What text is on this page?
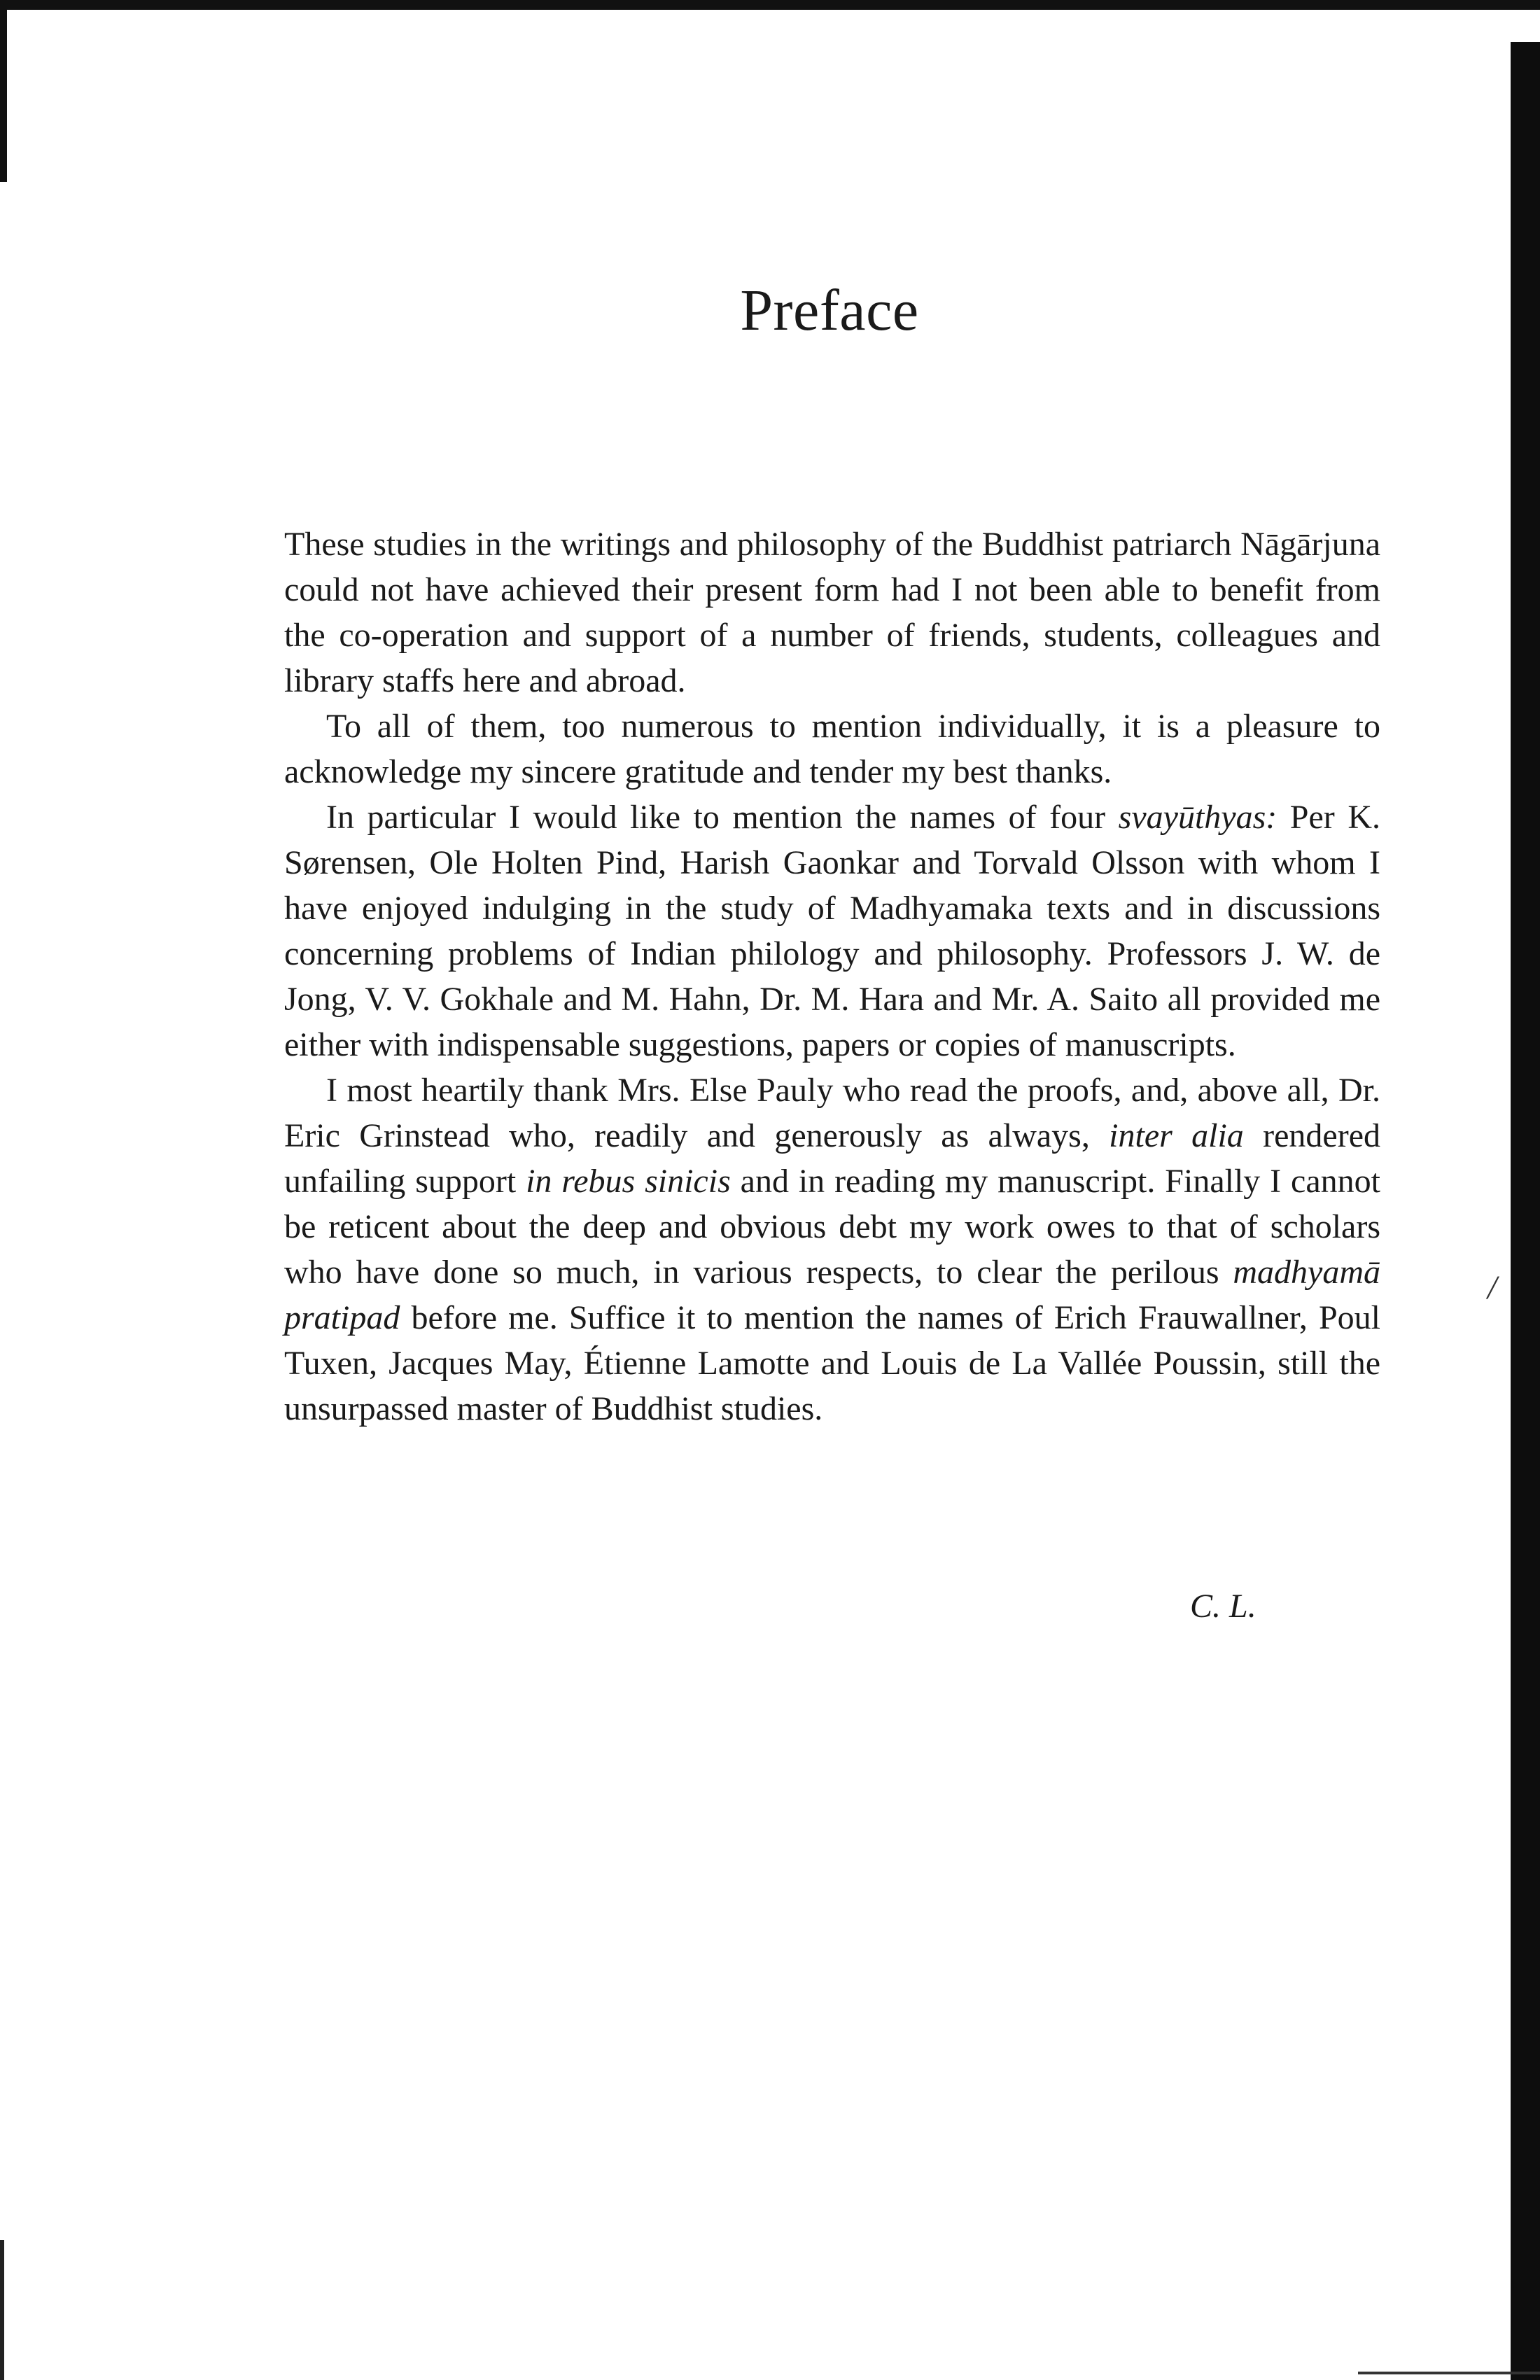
Preface

These studies in the writings and philosophy of the Buddhist patriarch Nāgārjuna could not have achieved their present form had I not been able to benefit from the co-operation and support of a number of friends, students, colleagues and library staffs here and abroad.

To all of them, too numerous to mention individually, it is a pleasure to acknowledge my sincere gratitude and tender my best thanks.

In particular I would like to mention the names of four svayūthyas: Per K. Sørensen, Ole Holten Pind, Harish Gaonkar and Torvald Olsson with whom I have enjoyed indulging in the study of Madhyamaka texts and in discussions concerning problems of Indian philology and philosophy. Professors J. W. de Jong, V. V. Gokhale and M. Hahn, Dr. M. Hara and Mr. A. Saito all provided me either with indispensable suggestions, papers or copies of manuscripts.

I most heartily thank Mrs. Else Pauly who read the proofs, and, above all, Dr. Eric Grinstead who, readily and generously as always, inter alia rendered unfailing support in rebus sinicis and in reading my manuscript. Finally I cannot be reticent about the deep and obvious debt my work owes to that of scholars who have done so much, in various respects, to clear the perilous madhyamā pratipad before me. Suffice it to mention the names of Erich Frauwallner, Poul Tuxen, Jacques May, Étienne Lamotte and Louis de La Vallée Poussin, still the unsurpassed master of Buddhist studies.

C. L.
/
